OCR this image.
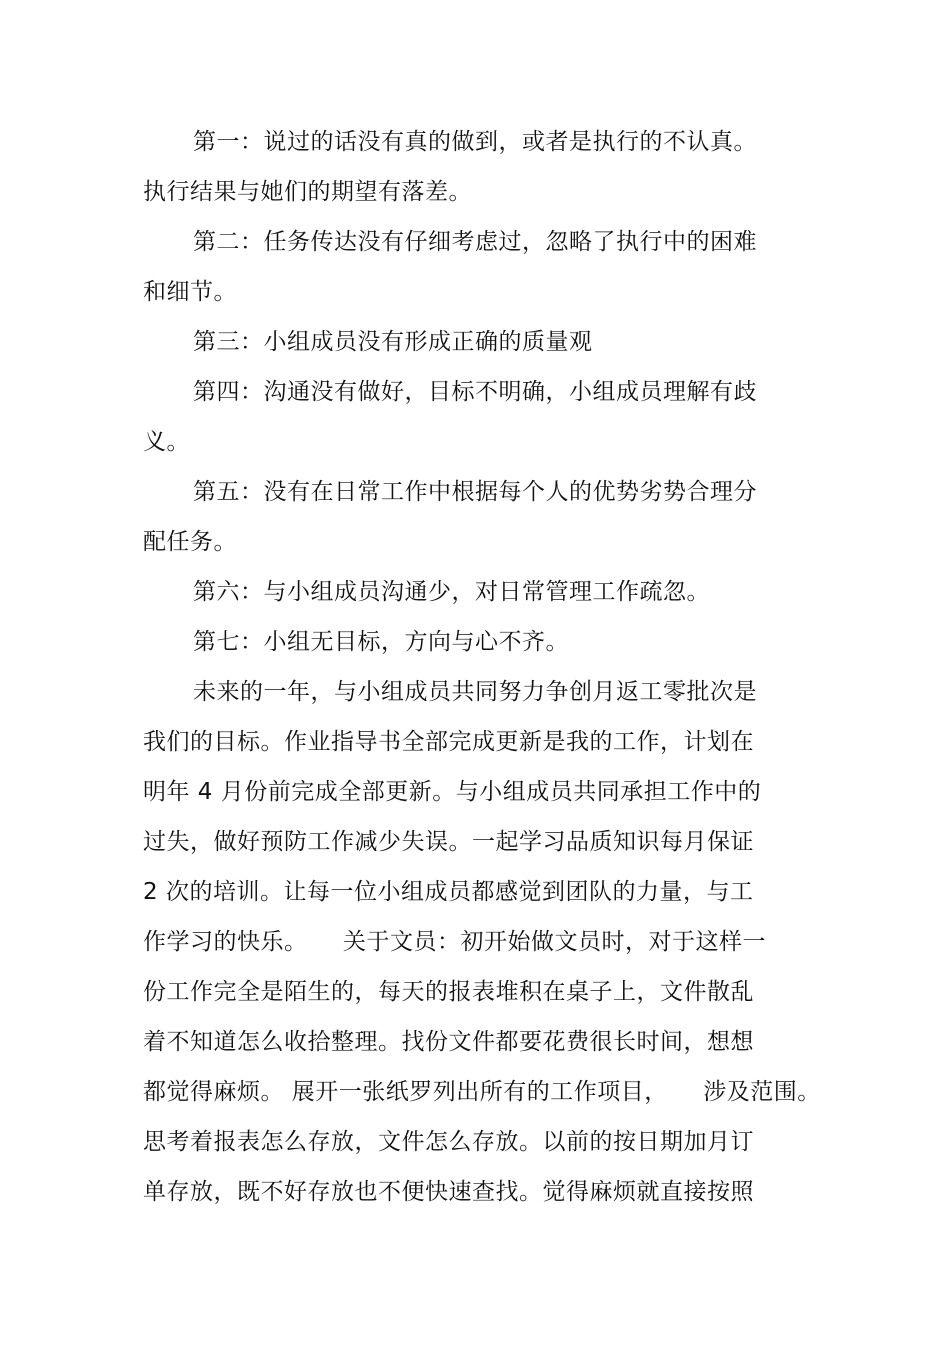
第一：说过的话没有真的做到，或者是执行的不认真。
执行结果与她们的期望有落差。
第二：任务传达没有仔细考虑过，忽略了执行中的困难
和细节。
第三：小组成员没有形成正确的质量观
第四：沟通没有做好，目标不明确，小组成员理解有歧
义。
第五：没有在日常工作中根据每个人的优势劣势合理分
配任务。
第六：与小组成员沟通少，对日常管理工作疏忽。
第七：小组无目标，方向与心不齐。
未来的一年，与小组成员共同努力争创月返工零批次是
我们的目标。作业指导书全部完成更新是我的工作，计划在
明年 4 月份前完成全部更新。与小组成员共同承担工作中的
过失，做好预防工作减少失误。一起学习品质知识每月保证
2 次的培训。让每一位小组成员都感觉到团队的力量，与工
作学习的快乐。　　关于文员：初开始做文员时，对于这样一
份工作完全是陌生的，每天的报表堆积在桌子上，文件散乱
着不知道怎么收拾整理。找份文件都要花费很长时间，想想
都觉得麻烦。 展开一张纸罗列出所有的工作项目，　　涉及范围。
思考着报表怎么存放，文件怎么存放。以前的按日期加月订
单存放，既不好存放也不便快速查找。觉得麻烦就直接按照
